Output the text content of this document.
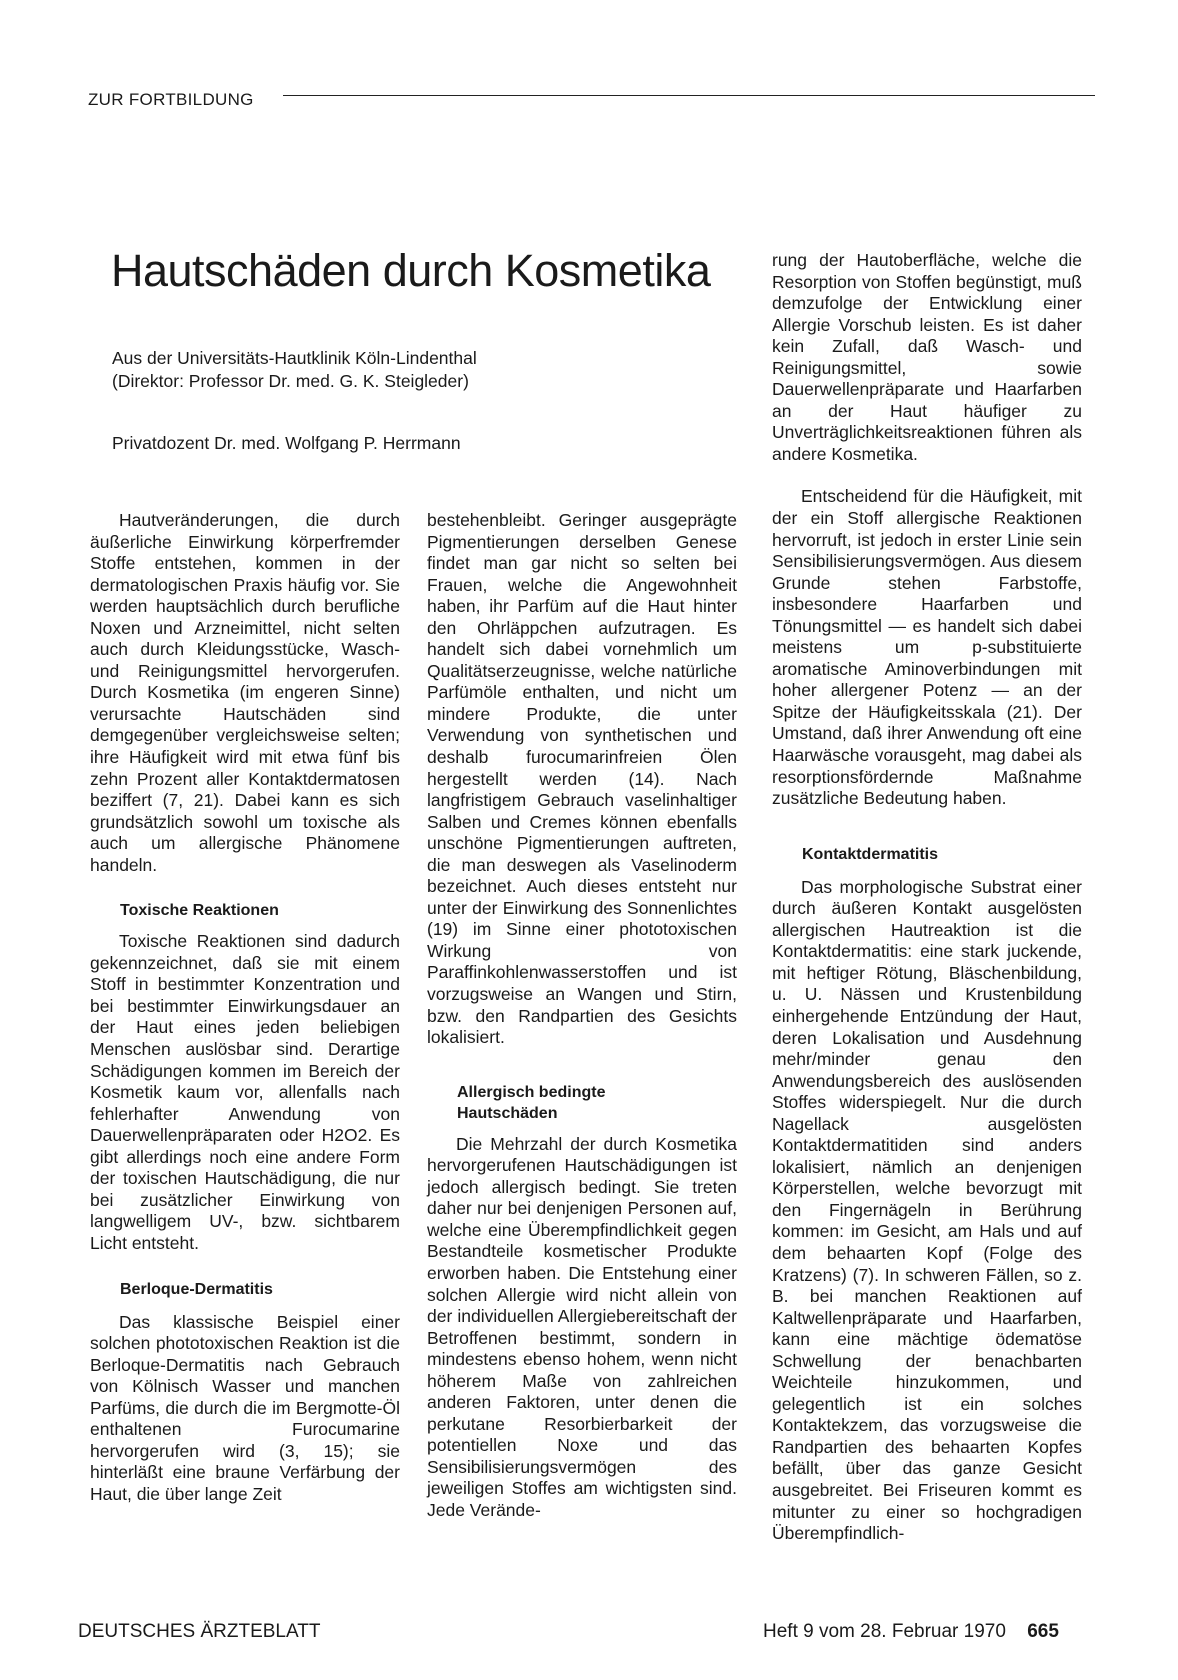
ZUR FORTBILDUNG
Hautschäden durch Kosmetika
Aus der Universitäts-Hautklinik Köln-Lindenthal
(Direktor: Professor Dr. med. G. K. Steigleder)
Privatdozent Dr. med. Wolfgang P. Herrmann

Hautveränderungen, die durch äußerliche Einwirkung körperfremder Stoffe entstehen, kommen in der dermatologischen Praxis häufig vor. Sie werden hauptsächlich durch berufliche Noxen und Arzneimittel, nicht selten auch durch Kleidungsstücke, Wasch- und Reinigungsmittel hervorgerufen. Durch Kosmetika (im engeren Sinne) verursachte Hautschäden sind demgegenüber vergleichsweise selten; ihre Häufigkeit wird mit etwa fünf bis zehn Prozent aller Kontaktdermatosen beziffert (7, 21). Dabei kann es sich grundsätzlich sowohl um toxische als auch um allergische Phänomene handeln.

Toxische Reaktionen

Toxische Reaktionen sind dadurch gekennzeichnet, daß sie mit einem Stoff in bestimmter Konzentration und bei bestimmter Einwirkungsdauer an der Haut eines jeden beliebigen Menschen auslösbar sind. Derartige Schädigungen kommen im Bereich der Kosmetik kaum vor, allenfalls nach fehlerhafter Anwendung von Dauerwellenpräparaten oder H2O2. Es gibt allerdings noch eine andere Form der toxischen Hautschädigung, die nur bei zusätzlicher Einwirkung von langwelligem UV-, bzw. sichtbarem Licht entsteht.

Berloque-Dermatitis

Das klassische Beispiel einer solchen phototoxischen Reaktion ist die Berloque-Dermatitis nach Gebrauch von Kölnisch Wasser und manchen Parfüms, die durch die im Bergmotte-Öl enthaltenen Furocumarine hervorgerufen wird (3, 15); sie hinterläßt eine braune Verfärbung der Haut, die über lange Zeit

bestehenbleibt. Geringer ausgeprägte Pigmentierungen derselben Genese findet man gar nicht so selten bei Frauen, welche die Angewohnheit haben, ihr Parfüm auf die Haut hinter den Ohrläppchen aufzutragen. Es handelt sich dabei vornehmlich um Qualitätserzeugnisse, welche natürliche Parfümöle enthalten, und nicht um mindere Produkte, die unter Verwendung von synthetischen und deshalb furocumarinfreien Ölen hergestellt werden (14). Nach langfristigem Gebrauch vaselinhaltiger Salben und Cremes können ebenfalls unschöne Pigmentierungen auftreten, die man deswegen als Vaselinoderm bezeichnet. Auch dieses entsteht nur unter der Einwirkung des Sonnenlichtes (19) im Sinne einer phototoxischen Wirkung von Paraffinkohlenwasserstoffen und ist vorzugsweise an Wangen und Stirn, bzw. den Randpartien des Gesichts lokalisiert.

Allergisch bedingte
Hautschäden

Die Mehrzahl der durch Kosmetika hervorgerufenen Hautschädigungen ist jedoch allergisch bedingt. Sie treten daher nur bei denjenigen Personen auf, welche eine Überempfindlichkeit gegen Bestandteile kosmetischer Produkte erworben haben. Die Entstehung einer solchen Allergie wird nicht allein von der individuellen Allergiebereitschaft der Betroffenen bestimmt, sondern in mindestens ebenso hohem, wenn nicht höherem Maße von zahlreichen anderen Faktoren, unter denen die perkutane Resorbierbarkeit der potentiellen Noxe und das Sensibilisierungsvermögen des jeweiligen Stoffes am wichtigsten sind. Jede Verände-

rung der Hautoberfläche, welche die Resorption von Stoffen begünstigt, muß demzufolge der Entwicklung einer Allergie Vorschub leisten. Es ist daher kein Zufall, daß Wasch- und Reinigungsmittel, sowie Dauerwellenpräparate und Haarfarben an der Haut häufiger zu Unverträglichkeitsreaktionen führen als andere Kosmetika.

Entscheidend für die Häufigkeit, mit der ein Stoff allergische Reaktionen hervorruft, ist jedoch in erster Linie sein Sensibilisierungsvermögen. Aus diesem Grunde stehen Farbstoffe, insbesondere Haarfarben und Tönungsmittel — es handelt sich dabei meistens um p-substituierte aromatische Aminoverbindungen mit hoher allergener Potenz — an der Spitze der Häufigkeitsskala (21). Der Umstand, daß ihrer Anwendung oft eine Haarwäsche vorausgeht, mag dabei als resorptionsfördernde Maßnahme zusätzliche Bedeutung haben.

Kontaktdermatitis

Das morphologische Substrat einer durch äußeren Kontakt ausgelösten allergischen Hautreaktion ist die Kontaktdermatitis: eine stark juckende, mit heftiger Rötung, Bläschenbildung, u. U. Nässen und Krustenbildung einhergehende Entzündung der Haut, deren Lokalisation und Ausdehnung mehr/minder genau den Anwendungsbereich des auslösenden Stoffes widerspiegelt. Nur die durch Nagellack ausgelösten Kontaktdermatitiden sind anders lokalisiert, nämlich an denjenigen Körperstellen, welche bevorzugt mit den Fingernägeln in Berührung kommen: im Gesicht, am Hals und auf dem behaarten Kopf (Folge des Kratzens) (7). In schweren Fällen, so z. B. bei manchen Reaktionen auf Kaltwellenpräparate und Haarfarben, kann eine mächtige ödematöse Schwellung der benachbarten Weichteile hinzukommen, und gelegentlich ist ein solches Kontaktekzem, das vorzugsweise die Randpartien des behaarten Kopfes befällt, über das ganze Gesicht ausgebreitet. Bei Friseuren kommt es mitunter zu einer so hochgradigen Überempfindlich-

DEUTSCHES ÄRZTEBLATT	Heft 9 vom 28. Februar 1970 665
